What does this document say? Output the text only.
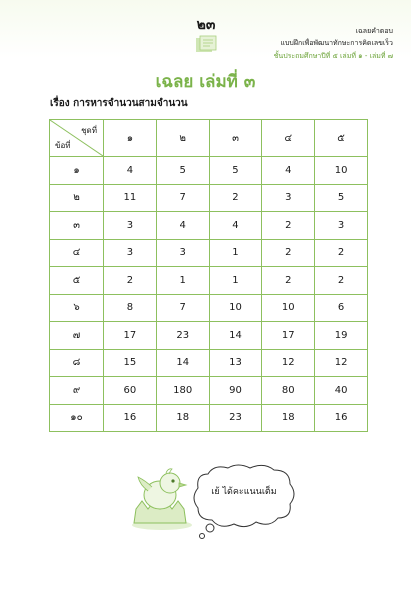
๒๓	เฉลยคำตอบ
แบบฝึกเพื่อพัฒนาทักษะการคิดเลขเร็ว
ชั้นประถมศึกษาปีที่ ๕ เล่มที่ ๑ - เล่มที่ ๗
เฉลย เล่มที่ ๓
เรื่อง การหารจำนวนสามจำนวน
ชุดที่
ข้อที่	๑	๒	๓	๔	๕
๑	4	5	5	4	10
๒	11	7	2	3	5
๓	3	4	4	2	3
๔	3	3	1	2	2
๕	2	1	1	2	2
๖	8	7	10	10	6
๗	17	23	14	17	19
๘	15	14	13	12	12
๙	60	180	90	80	40
๑๐	16	18	23	18	16
เย้ ได้คะแนนเต็ม
